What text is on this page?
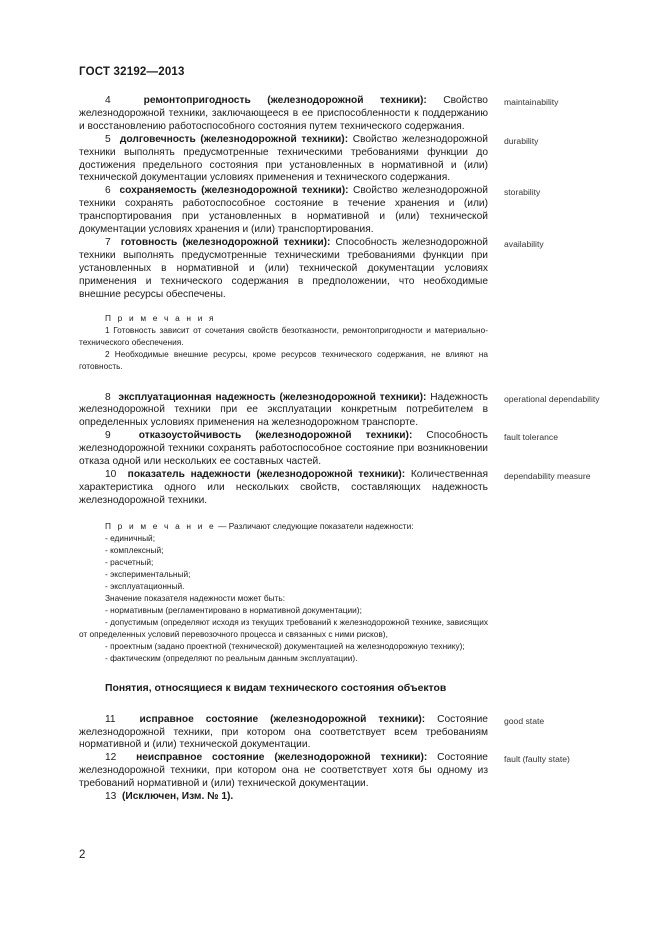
ГОСТ 32192—2013

4	ремонтопригодность (железнодорожной техники): Свойство железнодорожной техники, заключающееся в ее приспособленности к поддержанию и восстановлению работоспособного состояния путем технического содержания.

maintainability

5 долговечность (железнодорожной техники): Свойство железнодорожной техники выполнять предусмотренные техническими требованиями функции до достижения предельного состояния при установленных в нормативной и (или) технической документации условиях применения и технического содержания.

durability

6 сохраняемость (железнодорожной техники): Свойство железнодорожной техники сохранять работоспособное состояние в течение хранения и (или) транспортирования при установленных в нормативной и (или) технической документации условиях хранения и (или) транспортирования.

storability

7 готовность (железнодорожной техники): Способность железнодорожной техники выполнять предусмотренные техническими требованиями функции при установленных в нормативной и (или) технической документации условиях применения и технического содержания в предположении, что необходимые внешние ресурсы обеспечены.

availability
П р и м е ч а н и я
1 Готовность зависит от сочетания свойств безотказности, ремонтопригодности и материально-технического обеспечения.
2 Необходимые внешние ресурсы, кроме ресурсов технического содержания, не влияют на готовность.

8 эксплуатационная надежность (железнодорожной техники): Надежность железнодорожной техники при ее эксплуатации конкретным потребителем в определенных условиях применения на железнодорожном транспорте.

operational dependability

9	отказоустойчивость (железнодорожной техники): Способность железнодорожной техники сохранять работоспособное состояние при возникновении отказа одной или нескольких ее составных частей.

fault tolerance

10 показатель надежности (железнодорожной техники): Количественная характеристика одного или нескольких свойств, составляющих надежность железнодорожной техники.

dependability measure
П р и м е ч а н и е — Различают следующие показатели надежности:
- единичный;
- комплексный;
- расчетный;
- экспериментальный;
- эксплуатационный.
Значение показателя надежности может быть:
- нормативным (регламентировано в нормативной документации);
- допустимым (определяют исходя из текущих требований к железнодорожной технике, зависящих от определенных условий перевозочного процесса и связанных с ними рисков),
- проектным (задано проектной (технической) документацией на железнодорожную технику);
- фактическим (определяют по реальным данным эксплуатации).
Понятия, относящиеся к видам технического состояния объектов

11 исправное состояние (железнодорожной техники): Состояние железнодорожной техники, при котором она соответствует всем требованиям нормативной и (или) технической документации.

good state

12 неисправное состояние (железнодорожной техники): Состояние железнодорожной техники, при котором она не соответствует хотя бы одному из требований нормативной и (или) технической документации.

fault (faulty state)

13 (Исключен, Изм. № 1).

2
